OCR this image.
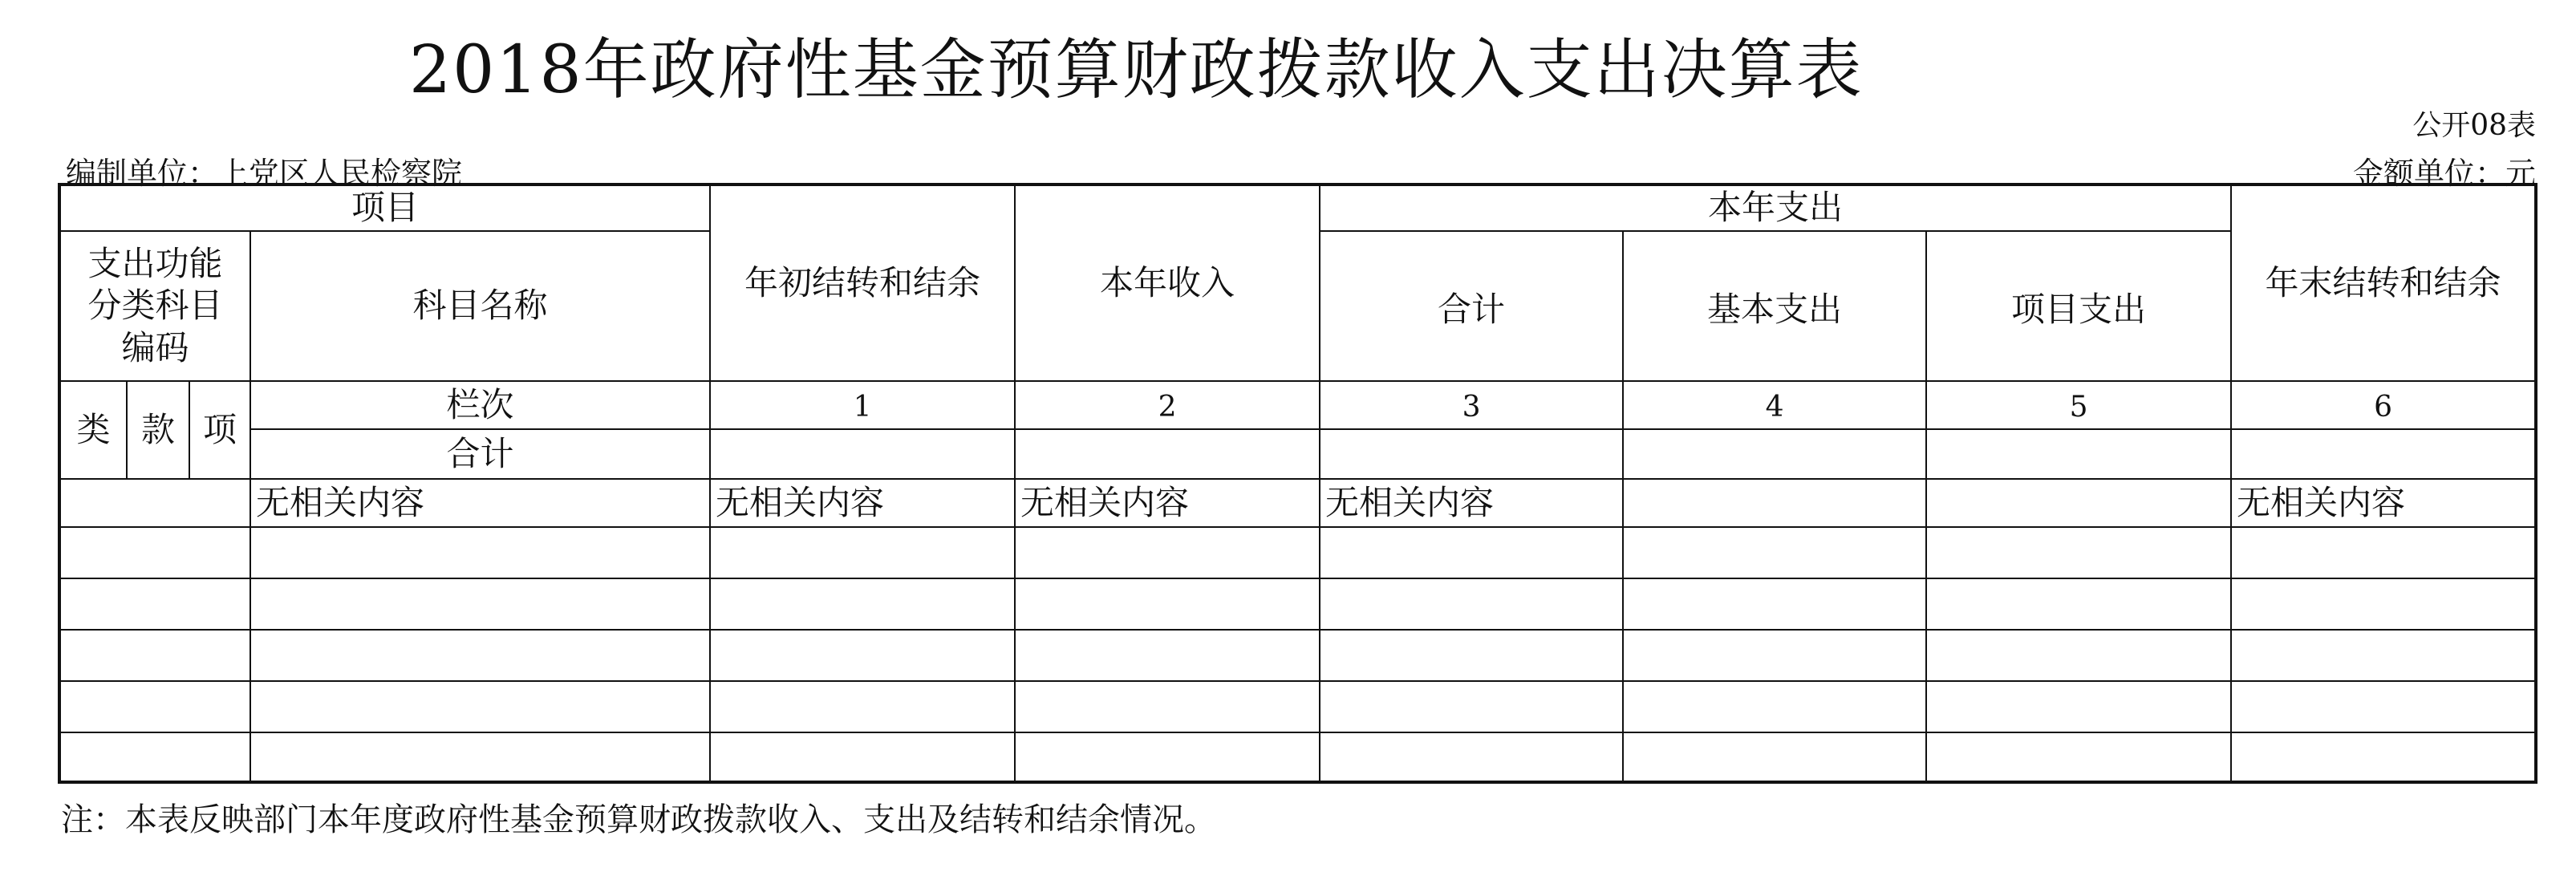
2018年政府性基金预算财政拨款收入支出决算表
公开08表
编制单位：上党区人民检察院	金额单位：元
项目				年初结转和结余	本年收入	本年支出			年末结转和结余
支出功能分类科目编码			科目名称			合计	基本支出	项目支出	
类	款	项	栏次	1	2	3	4	5	6
			合计						
			无相关内容	无相关内容	无相关内容	无相关内容			无相关内容

注：本表反映部门本年度政府性基金预算财政拨款收入、支出及结转和结余情况。
